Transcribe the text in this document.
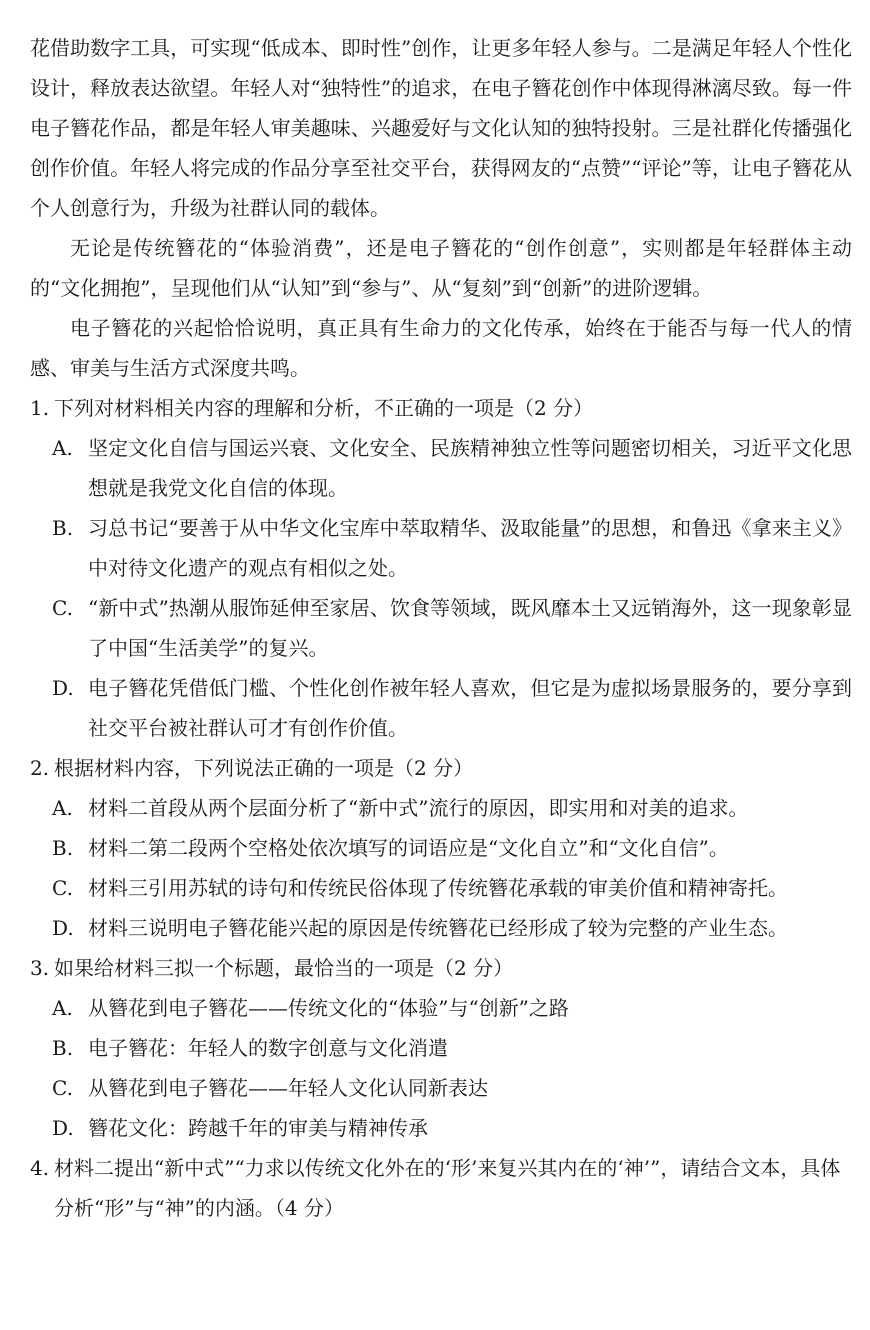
花借助数字工具，可实现“低成本、即时性”创作，让更多年轻人参与。二是满足年轻人个性化设计，释放表达欲望。年轻人对“独特性”的追求，在电子簪花创作中体现得淋漓尽致。每一件电子簪花作品，都是年轻人审美趣味、兴趣爱好与文化认知的独特投射。三是社群化传播强化创作价值。年轻人将完成的作品分享至社交平台，获得网友的“点赞”“评论”等，让电子簪花从个人创意行为，升级为社群认同的载体。

无论是传统簪花的“体验消费”，还是电子簪花的“创作创意”，实则都是年轻群体主动的“文化拥抱”，呈现他们从“认知”到“参与”、从“复刻”到“创新”的进阶逻辑。

电子簪花的兴起恰恰说明，真正具有生命力的文化传承，始终在于能否与每一代人的情感、审美与生活方式深度共鸣。

1. 下列对材料相关内容的理解和分析，不正确的一项是（2 分）
A. 坚定文化自信与国运兴衰、文化安全、民族精神独立性等问题密切相关，习近平文化思想就是我党文化自信的体现。
B. 习总书记“要善于从中华文化宝库中萃取精华、汲取能量”的思想，和鲁迅《拿来主义》中对待文化遗产的观点有相似之处。
C. “新中式”热潮从服饰延伸至家居、饮食等领域，既风靡本土又远销海外，这一现象彰显了中国“生活美学”的复兴。
D. 电子簪花凭借低门槛、个性化创作被年轻人喜欢，但它是为虚拟场景服务的，要分享到社交平台被社群认可才有创作价值。
2. 根据材料内容，下列说法正确的一项是（2 分）
A. 材料二首段从两个层面分析了“新中式”流行的原因，即实用和对美的追求。
B. 材料二第二段两个空格处依次填写的词语应是“文化自立”和“文化自信”。
C. 材料三引用苏轼的诗句和传统民俗体现了传统簪花承载的审美价值和精神寄托。
D. 材料三说明电子簪花能兴起的原因是传统簪花已经形成了较为完整的产业生态。
3. 如果给材料三拟一个标题，最恰当的一项是（2 分）
A. 从簪花到电子簪花——传统文化的“体验”与“创新”之路
B. 电子簪花：年轻人的数字创意与文化消遣
C. 从簪花到电子簪花——年轻人文化认同新表达
D. 簪花文化：跨越千年的审美与精神传承
4. 材料二提出“新中式”“力求以传统文化外在的‘形’来复兴其内在的‘神’”，请结合文本，具体分析“形”与“神”的内涵。（4 分）
